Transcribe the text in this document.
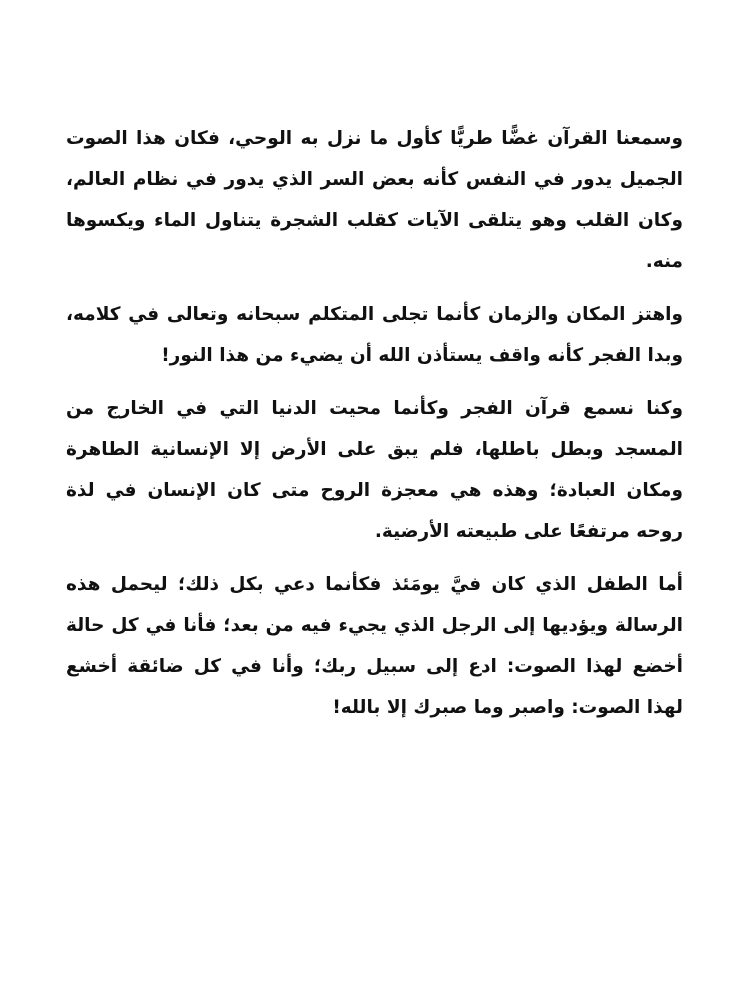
وسمعنا القرآن غضًّا طريًّا كأول ما نزل به الوحي، فكان هذا الصوت الجميل يدور في النفس كأنه بعض السر الذي يدور في نظام العالم، وكان القلب وهو يتلقى الآيات كقلب الشجرة يتناول الماء ويكسوها منه.

واهتز المكان والزمان كأنما تجلى المتكلم سبحانه وتعالى في كلامه، وبدا الفجر كأنه واقف يستأذن الله أن يضيء من هذا النور!

وكنا نسمع قرآن الفجر وكأنما محيت الدنيا التي في الخارج من المسجد وبطل باطلها، فلم يبق على الأرض إلا الإنسانية الطاهرة ومكان العبادة؛ وهذه هي معجزة الروح متى كان الإنسان في لذة روحه مرتفعًا على طبيعته الأرضية.

أما الطفل الذي كان فيَّ يومَئذ فكأنما دعي بكل ذلك؛ ليحمل هذه الرسالة ويؤديها إلى الرجل الذي يجيء فيه من بعد؛ فأنا في كل حالة أخضع لهذا الصوت: ادع إلى سبيل ربك؛ وأنا في كل ضائقة أخشع لهذا الصوت: واصبر وما صبرك إلا بالله!
